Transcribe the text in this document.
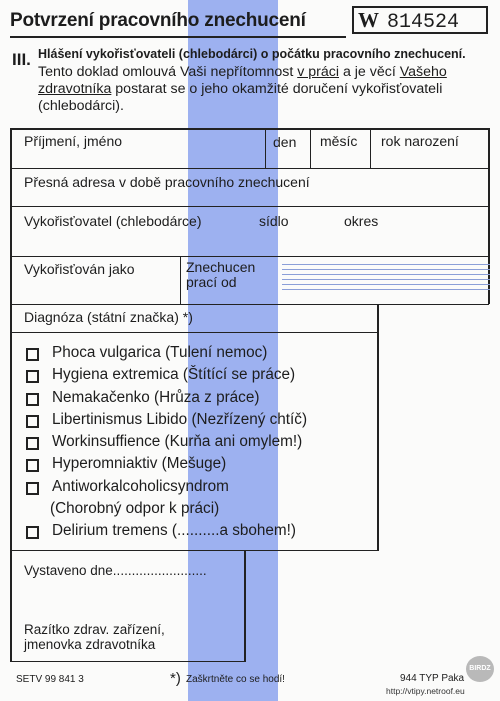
Potvrzení pracovního znechucení W 814524
III. Hlášení vykořisťovateli (chlebodárci) o počátku pracovního znechucení.
Tento doklad omlouvá Vaši nepřítomnost v práci a je věcí Vašeho zdravotníka postarat se o jeho okamžité doručení vykořisťovateli (chlebodárci).
Příjmení, jméno	den měsíc rok narození
Přesná adresa v době pracovního znechucení
Vykořisťovatel (chlebodárce)	sídlo	okres
Vykořisťován jako	Znechucen
prací od
Diagnóza (státní značka) *)
Phoca vulgarica (Tulení nemoc)
Hygiena extremica (Štítící se práce)
Nemakačenko (Hrůza z práce)
Libertinismus Libido (Nezřízený chtíč)
Workinsuffience (Kurňa ani omylem!)
Hyperomniaktiv (Mešuge)
Antiworkalcoholicsyndrom
(Chorobný odpor k práci)
Delirium tremens (..........a sbohem!)
Vystaveno dne.........................
Razítko zdrav. zařízení,
jmenovka zdravotníka
SETV 99 841 3	*) Zaškrtněte co se hodí!	944 TYP Paka
BIRDZ
http://vtipy.netroof.eu
